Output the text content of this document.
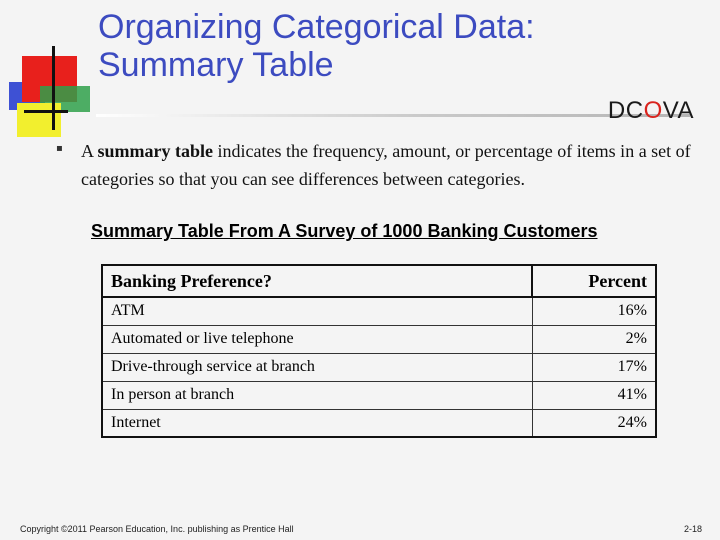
Organizing Categorical Data:
Summary Table
DCOVA
▪ A summary table indicates the frequency, amount, or percentage of items in a set of categories so that you can see differences between categories.

Summary Table From A Survey of 1000 Banking Customers
Banking Preference?	Percent
ATM	16%
Automated or live telephone	2%
Drive-through service at branch	17%
In person at branch	41%
Internet	24%
Copyright ©2011 Pearson Education, Inc. publishing as Prentice Hall	2-18
